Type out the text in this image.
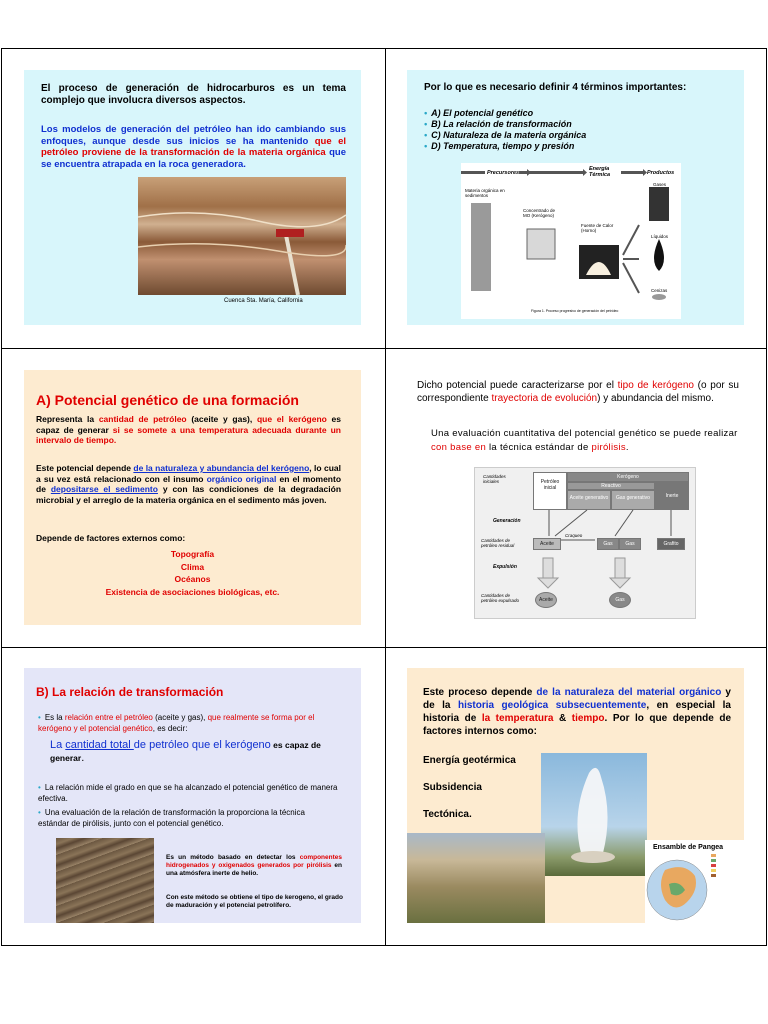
El proceso de generación de hidrocarburos es un tema complejo que involucra diversos aspectos.
Los modelos de generación del petróleo han ido cambiando sus enfoques, aunque desde sus inicios se ha mantenido que el petróleo proviene de la transformación de la materia orgánica que se encuentra atrapada en la roca generadora.
Cuenca Sta. María, California
Por lo que es necesario definir 4 términos importantes:
• A) El potencial genético
• B) La relación de transformación
• C) Naturaleza de la materia orgánica
• D) Temperatura, tiempo y presión
Precursores
Energía Térmica	Productos
Materia orgánica en sedimentos
Concentrado de MO (Kerógeno)
Fuente de Calor (Horno)
Gases
Líquidos
Cenizas
Figura 1. Proceso progresivo de generación del petróleo
A) Potencial genético de una formación
Representa la cantidad de petróleo (aceite y gas), que el kerógeno es capaz de generar si se somete a una temperatura adecuada durante un intervalo de tiempo.
Este potencial depende de la naturaleza y abundancia del kerógeno, lo cual a su vez está relacionado con el insumo orgánico original en el momento de depositarse el sedimento y con las condiciones de la degradación microbial y el arreglo de la materia orgánica en el sedimento más joven.
Depende de factores externos como:
Topografía
Clima
Océanos
Existencia de asociaciones biológicas, etc.
Dicho potencial puede caracterizarse por el tipo de kerógeno (o por su correspondiente trayectoria de evolución) y abundancia del mismo.
Una evaluación cuantitativa del potencial genético se puede realizar con base en la técnica estándar de pirólisis.
Cantidades iniciales	Petróleo inicial
Kerógeno
Reactivo
Inerte
Aceite generativo	Gas generativo
Generación
Craqueo
Cantidades de petróleo residual	Aceite	Gas	Gas	Grafito
Expulsión
Cantidades de petróleo expulsado	Aceite	Gas
B) La relación de transformación
• Es la relación entre el petróleo (aceite y gas), que realmente se forma por el kerógeno y el potencial genético, es decir:
La cantidad total de petróleo que el kerógeno es capaz de generar.
• La relación mide el grado en que se ha alcanzado el potencial genético de manera efectiva.
• Una evaluación de la relación de transformación la proporciona la técnica estándar de pirólisis, junto con el potencial genético.
Es un método basado en detectar los componentes hidrogenados y oxigenados generados por pirólisis en una atmósfera inerte de helio.
Con este método se obtiene el tipo de kerogeno, el grado de maduración y el potencial petrolífero.
Este proceso depende de la naturaleza del material orgánico y de la historia geológica subsecuentemente, en especial la historia de la temperatura & tiempo. Por lo que depende de factores internos como:
Energía geotérmica
Subsidencia
Tectónica.
Ensamble de Pangea
